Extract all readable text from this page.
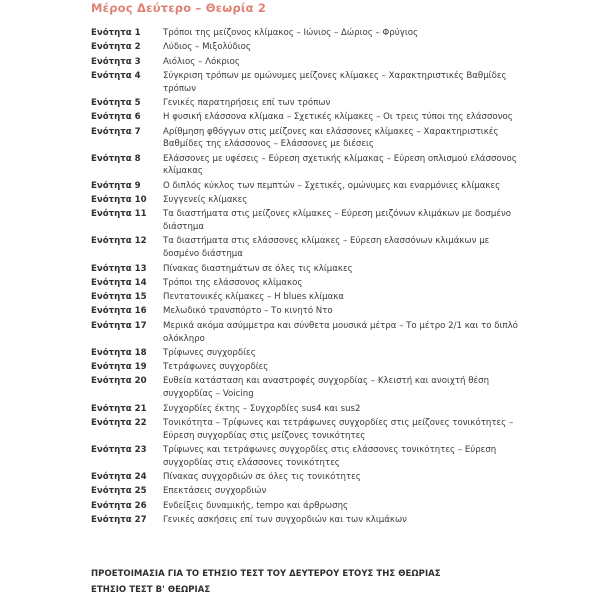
Μέρος Δεύτερο – Θεωρία 2
Ενότητα 1	Τρόποι της μείζονος κλίμακος – Ιώνιος – Δώριος – Φρύγιος
Ενότητα 2	Λύδιος – Μιξολύδιος
Ενότητα 3	Αιόλιος – Λόκριος
Ενότητα 4	Σύγκριση τρόπων με ομώνυμες μείζονες κλίμακες – Χαρακτηριστικές Βαθμίδες τρόπων
Ενότητα 5	Γενικές παρατηρήσεις επί των τρόπων
Ενότητα 6	Η φυσική ελάσσονα κλίμακα – Σχετικές κλίμακες – Οι τρεις τύποι της ελάσσονος
Ενότητα 7	Αρίθμηση φθόγγων στις μείζονες και ελάσσονες κλίμακες – Χαρακτηριστικές Βαθμίδες της ελάσσονος – Ελάσσονες με διέσεις
Ενότητα 8	Ελάσσονες με υφέσεις – Εύρεση σχετικής κλίμακας – Εύρεση οπλισμού ελάσσονος κλίμακας
Ενότητα 9	Ο διπλός κύκλος των πεμπτών – Σχετικές, ομώνυμες και εναρμόνιες κλίμακες
Ενότητα 10	Συγγενείς κλίμακες
Ενότητα 11	Τα διαστήματα στις μείζονες κλίμακες – Εύρεση μειζόνων κλιμάκων με δοσμένο διάστημα
Ενότητα 12	Τα διαστήματα στις ελάσσονες κλίμακες – Εύρεση ελασσόνων κλιμάκων με δοσμένο διάστημα
Ενότητα 13	Πίνακας διαστημάτων σε όλες τις κλίμακες
Ενότητα 14	Τρόποι της ελάσσονος κλίμακος
Ενότητα 15	Πεντατονικές κλίμακες – Η blues κλίμακα
Ενότητα 16	Μελωδικό τρανσπόρτο – Το κινητό Ντο
Ενότητα 17	Μερικά ακόμα ασύμμετρα και σύνθετα μουσικά μέτρα – Το μέτρο 2/1 και το διπλό ολόκληρο
Ενότητα 18	Τρίφωνες συγχορδίες
Ενότητα 19	Τετράφωνες συγχορδίες
Ενότητα 20	Ευθεία κατάσταση και αναστροφές συγχορδίας – Κλειστή και ανοιχτή θέση συγχορδίας – Voicing
Ενότητα 21	Συγχορδίες έκτης – Συγχορδίες sus4 και sus2
Ενότητα 22	Τονικότητα – Τρίφωνες και τετράφωνες συγχορδίες στις μείζονες τονικότητες – Εύρεση συγχορδίας στις μείζονες τονικότητες
Ενότητα 23	Τρίφωνες και τετράφωνες συγχορδίες στις ελάσσονες τονικότητες – Εύρεση συγχορδίας στις ελάσσονες τονικότητες
Ενότητα 24	Πίνακας συγχορδιών σε όλες τις τονικότητες
Ενότητα 25	Επεκτάσεις συγχορδιών
Ενότητα 26	Ενδείξεις δυναμικής, tempo και άρθρωσης
Ενότητα 27	Γενικές ασκήσεις επί των συγχορδιών και των κλιμάκων
ΠΡΟΕΤΟΙΜΑΣΙΑ ΓΙΑ ΤΟ ΕΤΗΣΙΟ ΤΕΣΤ ΤΟΥ ΔΕΥΤΕΡΟΥ ΕΤΟΥΣ ΤΗΣ ΘΕΩΡΙΑΣ
ΕΤΗΣΙΟ ΤΕΣΤ Β' ΘΕΩΡΙΑΣ
